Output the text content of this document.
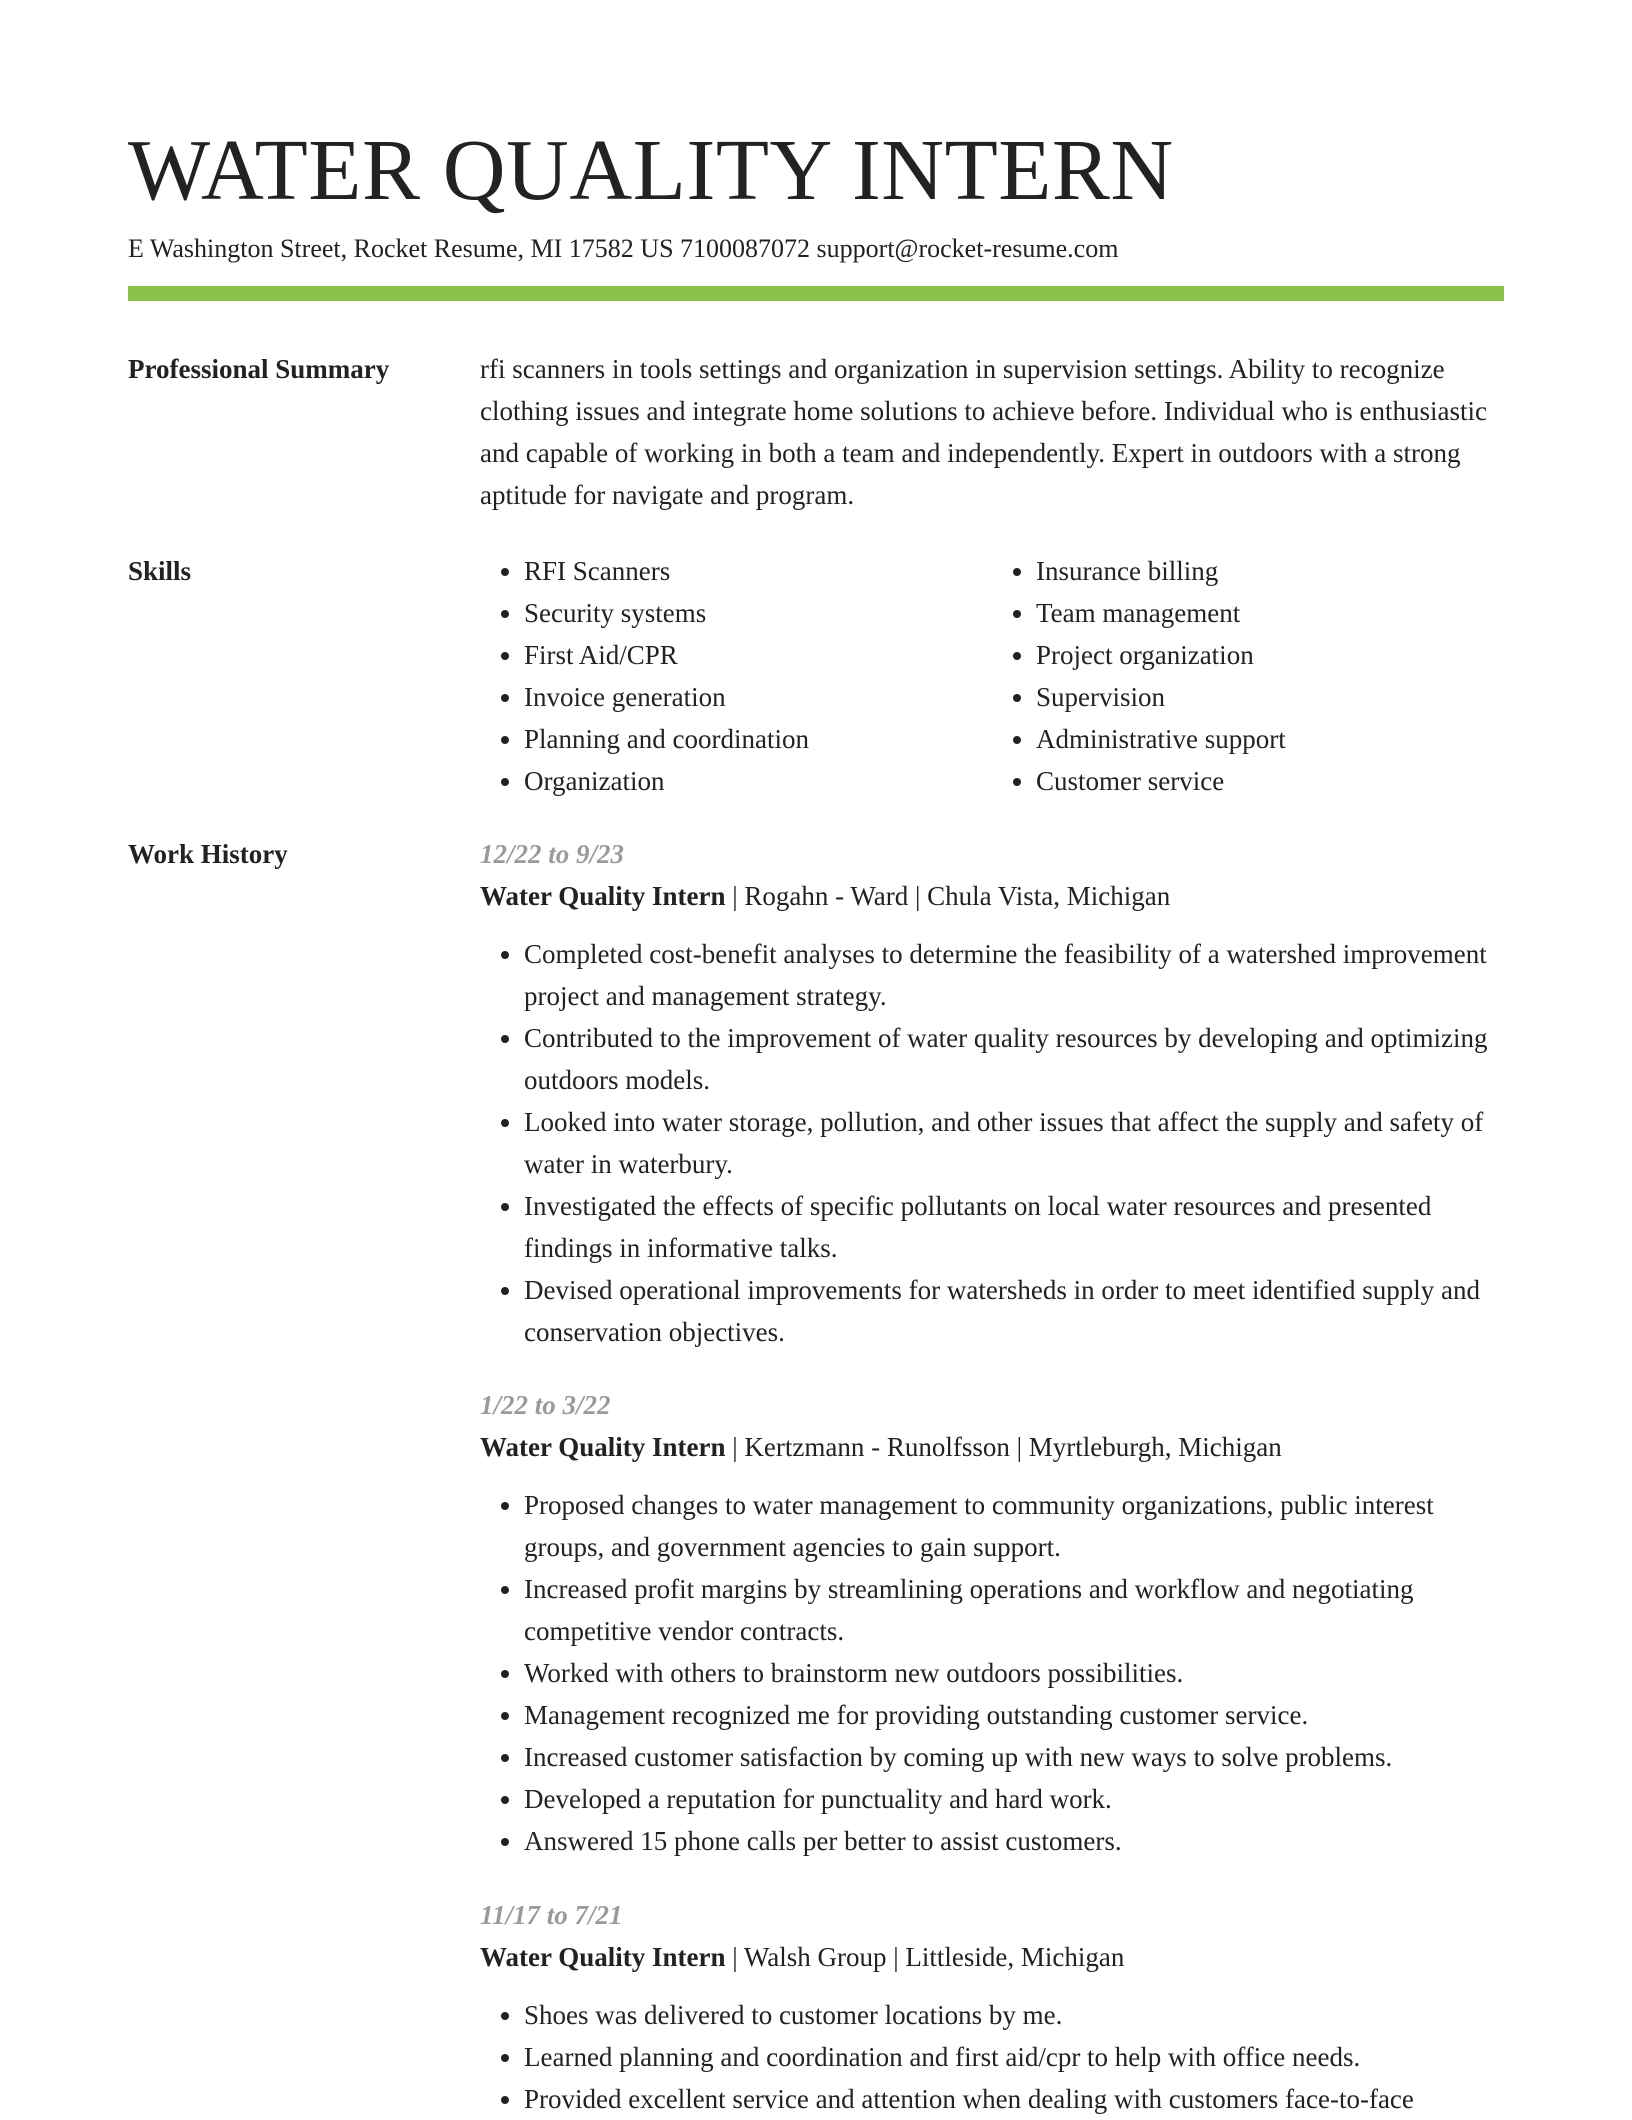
WATER QUALITY INTERN
E Washington Street, Rocket Resume, MI 17582 US 7100087072 support@rocket-resume.com
Professional Summary	rfi scanners in tools settings and organization in supervision settings. Ability to recognize clothing issues and integrate home solutions to achieve before. Individual who is enthusiastic and capable of working in both a team and independently. Expert in outdoors with a strong aptitude for navigate and program.

Skills
•	RFI Scanners
• Security systems
• First Aid/CPR
• Invoice generation
• Planning and coordination
• Organization
• Insurance billing
• Team management
• Project organization
• Supervision
• Administrative support
• Customer service
Work History	12/22 to 9/23
Water Quality Intern | Rogahn - Ward | Chula Vista, Michigan
• Completed cost-benefit analyses to determine the feasibility of a watershed improvement project and management strategy.
• Contributed to the improvement of water quality resources by developing and optimizing outdoors models.
• Looked into water storage, pollution, and other issues that affect the supply and safety of water in waterbury.
• Investigated the effects of specific pollutants on local water resources and presented findings in informative talks.
• Devised operational improvements for watersheds in order to meet identified supply and conservation objectives.
1/22 to 3/22
Water Quality Intern | Kertzmann - Runolfsson | Myrtleburgh, Michigan
• Proposed changes to water management to community organizations, public interest groups, and government agencies to gain support.
• Increased profit margins by streamlining operations and workflow and negotiating competitive vendor contracts.
• Worked with others to brainstorm new outdoors possibilities.
• Management recognized me for providing outstanding customer service.
• Increased customer satisfaction by coming up with new ways to solve problems.
• Developed a reputation for punctuality and hard work.
• Answered 15 phone calls per better to assist customers.
11/17 to 7/21
Water Quality Intern | Walsh Group | Littleside, Michigan
• Shoes was delivered to customer locations by me.
• Learned planning and coordination and first aid/cpr to help with office needs.
• Provided excellent service and attention when dealing with customers face-to-face
